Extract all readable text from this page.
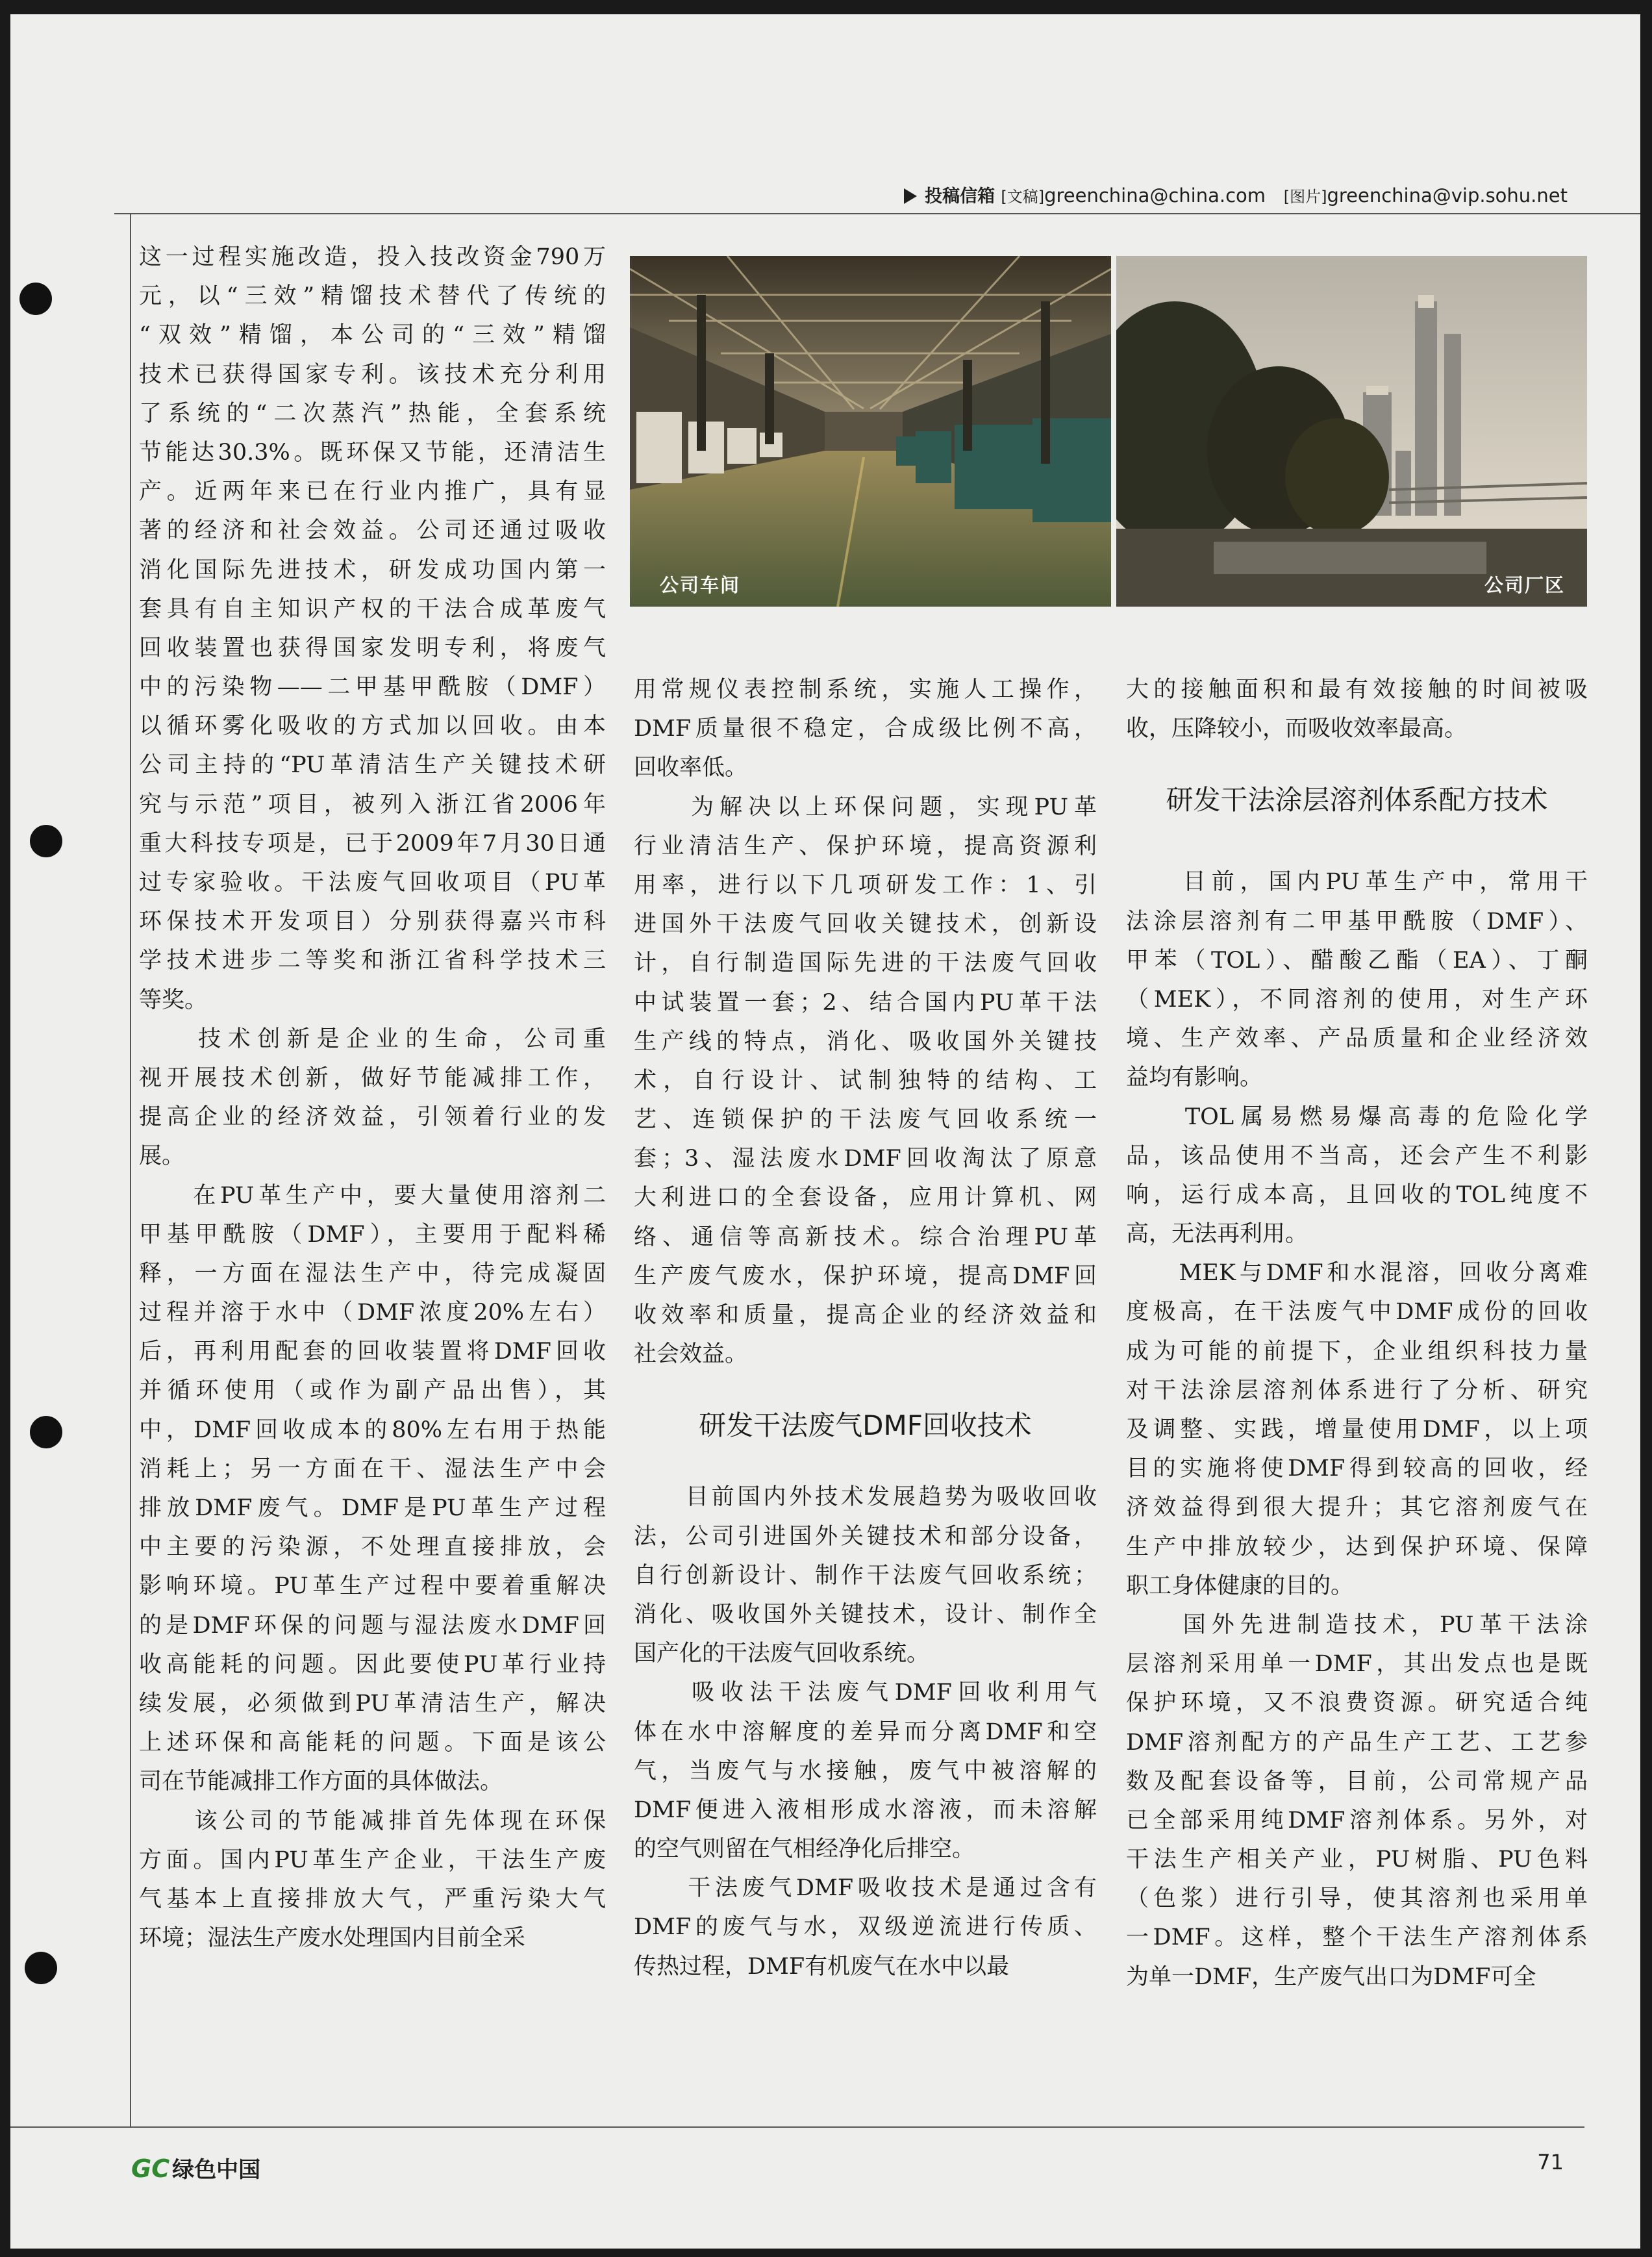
投稿信箱 [文稿]greenchina@china.com [图片]greenchina@vip.sohu.net
公司车间	公司厂区
这一过程实施改造，投入技改资金790万
元，以“三效”精馏技术替代了传统的
“双效”精馏，本公司的“三效”精馏
技术已获得国家专利。该技术充分利用
了系统的“二次蒸汽”热能，全套系统
节能达30.3%。既环保又节能，还清洁生
产。近两年来已在行业内推广，具有显
著的经济和社会效益。公司还通过吸收
消化国际先进技术，研发成功国内第一
套具有自主知识产权的干法合成革废气
回收装置也获得国家发明专利，将废气
中的污染物——二甲基甲酰胺（DMF）
以循环雾化吸收的方式加以回收。由本
公司主持的“PU革清洁生产关键技术研
究与示范”项目，被列入浙江省2006年
重大科技专项是，已于2009年7月30日通
过专家验收。干法废气回收项目（PU革
环保技术开发项目）分别获得嘉兴市科
学技术进步二等奖和浙江省科学技术三
等奖。
　　技术创新是企业的生命，公司重
视开展技术创新，做好节能减排工作，
提高企业的经济效益，引领着行业的发
展。
　　在PU革生产中，要大量使用溶剂二
甲基甲酰胺（DMF），主要用于配料稀
释，一方面在湿法生产中，待完成凝固
过程并溶于水中（DMF浓度20%左右）
后，再利用配套的回收装置将DMF回收
并循环使用（或作为副产品出售），其
中，DMF回收成本的80%左右用于热能
消耗上；另一方面在干、湿法生产中会
排放DMF废气。DMF是PU革生产过程
中主要的污染源，不处理直接排放，会
影响环境。PU革生产过程中要着重解决
的是DMF环保的问题与湿法废水DMF回
收高能耗的问题。因此要使PU革行业持
续发展，必须做到PU革清洁生产，解决
上述环保和高能耗的问题。下面是该公
司在节能减排工作方面的具体做法。
　　该公司的节能减排首先体现在环保
方面。国内PU革生产企业，干法生产废
气基本上直接排放大气，严重污染大气
环境；湿法生产废水处理国内目前全采
用常规仪表控制系统，实施人工操作，
DMF质量很不稳定，合成级比例不高，
回收率低。
　　为解决以上环保问题，实现PU革
行业清洁生产、保护环境，提高资源利
用率，进行以下几项研发工作：1、引
进国外干法废气回收关键技术，创新设
计，自行制造国际先进的干法废气回收
中试装置一套；2、结合国内PU革干法
生产线的特点，消化、吸收国外关键技
术，自行设计、试制独特的结构、工
艺、连锁保护的干法废气回收系统一
套；3、湿法废水DMF回收淘汰了原意
大利进口的全套设备，应用计算机、网
络、通信等高新技术。综合治理PU革
生产废气废水，保护环境，提高DMF回
收效率和质量，提高企业的经济效益和
社会效益。
研发干法废气DMF回收技术
　　目前国内外技术发展趋势为吸收回收
法，公司引进国外关键技术和部分设备，
自行创新设计、制作干法废气回收系统；
消化、吸收国外关键技术，设计、制作全
国产化的干法废气回收系统。
　　吸收法干法废气DMF回收利用气
体在水中溶解度的差异而分离DMF和空
气，当废气与水接触，废气中被溶解的
DMF便进入液相形成水溶液，而未溶解
的空气则留在气相经净化后排空。
　　干法废气DMF吸收技术是通过含有
DMF的废气与水，双级逆流进行传质、
传热过程，DMF有机废气在水中以最
大的接触面积和最有效接触的时间被吸
收，压降较小，而吸收效率最高。
研发干法涂层溶剂体系配方技术
　　目前，国内PU革生产中，常用干
法涂层溶剂有二甲基甲酰胺（DMF）、
甲苯（TOL）、醋酸乙酯（EA）、丁酮
（MEK），不同溶剂的使用，对生产环
境、生产效率、产品质量和企业经济效
益均有影响。
　　TOL属易燃易爆高毒的危险化学
品，该品使用不当高，还会产生不利影
响，运行成本高，且回收的TOL纯度不
高，无法再利用。
　　MEK与DMF和水混溶，回收分离难
度极高，在干法废气中DMF成份的回收
成为可能的前提下，企业组织科技力量
对干法涂层溶剂体系进行了分析、研究
及调整、实践，增量使用DMF，以上项
目的实施将使DMF得到较高的回收，经
济效益得到很大提升；其它溶剂废气在
生产中排放较少，达到保护环境、保障
职工身体健康的目的。
　　国外先进制造技术，PU革干法涂
层溶剂采用单一DMF，其出发点也是既
保护环境，又不浪费资源。研究适合纯
DMF溶剂配方的产品生产工艺、工艺参
数及配套设备等，目前，公司常规产品
已全部采用纯DMF溶剂体系。另外，对
干法生产相关产业，PU树脂、PU色料
（色浆）进行引导，使其溶剂也采用单
一DMF。这样，整个干法生产溶剂体系
为单一DMF，生产废气出口为DMF可全
GC 绿色中国	71
